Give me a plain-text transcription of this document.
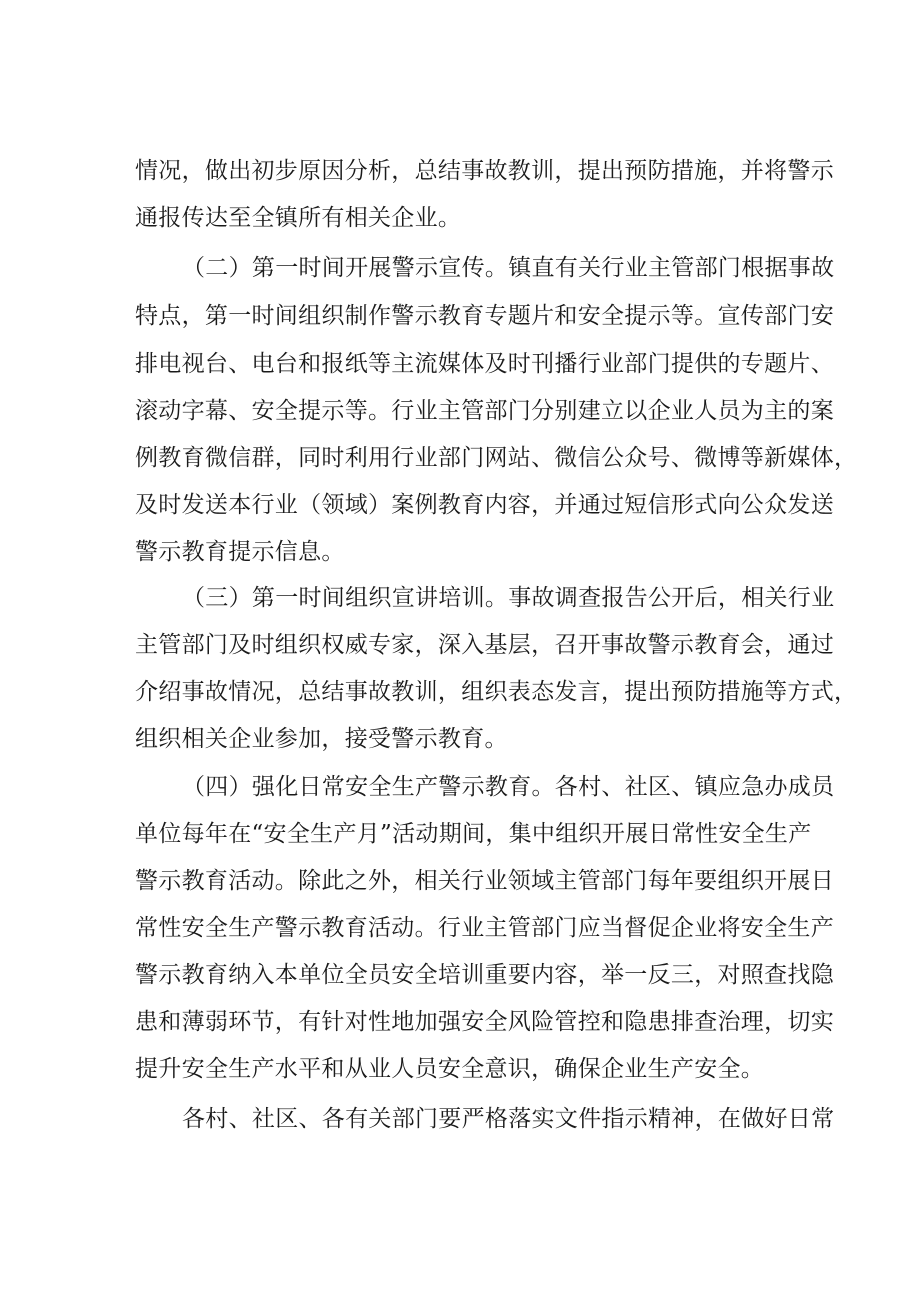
情况，做出初步原因分析，总结事故教训，提出预防措施，并将警示
通报传达至全镇所有相关企业。
（二）第一时间开展警示宣传。镇直有关行业主管部门根据事故
特点，第一时间组织制作警示教育专题片和安全提示等。宣传部门安
排电视台、电台和报纸等主流媒体及时刊播行业部门提供的专题片、
滚动字幕、安全提示等。行业主管部门分别建立以企业人员为主的案
例教育微信群，同时利用行业部门网站、微信公众号、微博等新媒体，
及时发送本行业（领域）案例教育内容，并通过短信形式向公众发送
警示教育提示信息。
（三）第一时间组织宣讲培训。事故调查报告公开后，相关行业
主管部门及时组织权威专家，深入基层，召开事故警示教育会，通过
介绍事故情况，总结事故教训，组织表态发言，提出预防措施等方式，
组织相关企业参加，接受警示教育。
（四）强化日常安全生产警示教育。各村、社区、镇应急办成员
单位每年在“安全生产月”活动期间，集中组织开展日常性安全生产
警示教育活动。除此之外，相关行业领域主管部门每年要组织开展日
常性安全生产警示教育活动。行业主管部门应当督促企业将安全生产
警示教育纳入本单位全员安全培训重要内容，举一反三，对照查找隐
患和薄弱环节，有针对性地加强安全风险管控和隐患排查治理，切实
提升安全生产水平和从业人员安全意识，确保企业生产安全。
各村、社区、各有关部门要严格落实文件指示精神，在做好日常
